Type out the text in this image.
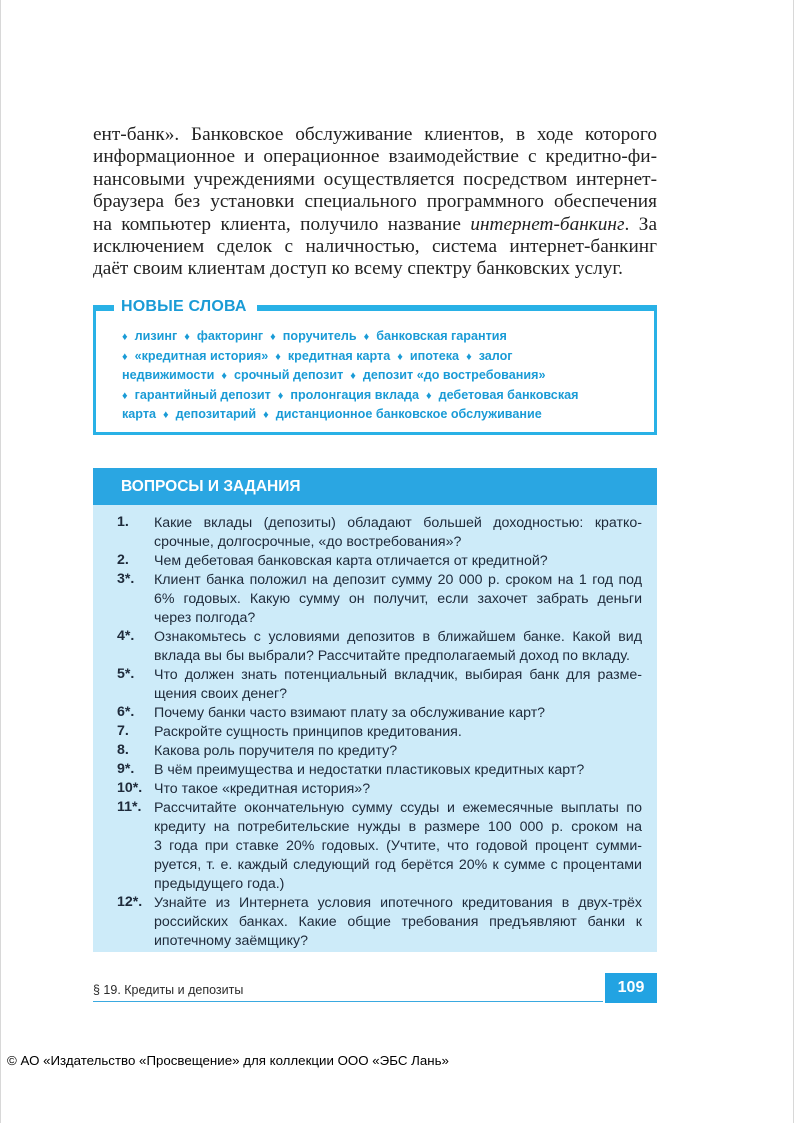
ент-банк». Банковское обслуживание клиентов, в ходе которого
информационное и операционное взаимодействие с кредитно-фи-
нансовыми учреждениями осуществляется посредством интернет-
браузера без установки специального программного обеспечения
на компьютер клиента, получило название интернет-банкинг. За
исключением сделок с наличностью, система интернет-банкинг
даёт своим клиентам доступ ко всему спектру банковских услуг.
НОВЫЕ СЛОВА
♦ лизинг ♦ факторинг ♦ поручитель ♦ банковская гарантия
♦ «кредитная история» ♦ кредитная карта ♦ ипотека ♦ залог
недвижимости ♦ срочный депозит ♦ депозит «до востребования»
♦ гарантийный депозит ♦ пролонгация вклада ♦ дебетовая банковская
карта ♦ депозитарий ♦ дистанционное банковское обслуживание
ВОПРОСЫ И ЗАДАНИЯ
1.	Какие вклады (депозиты) обладают большей доходностью: кратко-
срочные, долгосрочные, «до востребования»?
2.	Чем дебетовая банковская карта отличается от кредитной?
3*.	Клиент банка положил на депозит сумму 20 000 р. сроком на 1 год под
6% годовых. Какую сумму он получит, если захочет забрать деньги
через полгода?
4*.	Ознакомьтесь с условиями депозитов в ближайшем банке. Какой вид
вклада вы бы выбрали? Рассчитайте предполагаемый доход по вкладу.
5*.	Что должен знать потенциальный вкладчик, выбирая банк для разме-
щения своих денег?
6*.	Почему банки часто взимают плату за обслуживание карт?
7.	Раскройте сущность принципов кредитования.
8.	Какова роль поручителя по кредиту?
9*.	В чём преимущества и недостатки пластиковых кредитных карт?
10*. Что такое «кредитная история»?
11*. Рассчитайте окончательную сумму ссуды и ежемесячные выплаты по
кредиту на потребительские нужды в размере 100 000 р. сроком на
3 года при ставке 20% годовых. (Учтите, что годовой процент сумми-
руется, т. е. каждый следующий год берётся 20% к сумме с процентами
предыдущего года.)
12*. Узнайте из Интернета условия ипотечного кредитования в двух-трёх
российских банках. Какие общие требования предъявляют банки к
ипотечному заёмщику?
§ 19. Кредиты и депозиты	109
© АО «Издательство «Просвещение» для коллекции ООО «ЭБС Лань»
